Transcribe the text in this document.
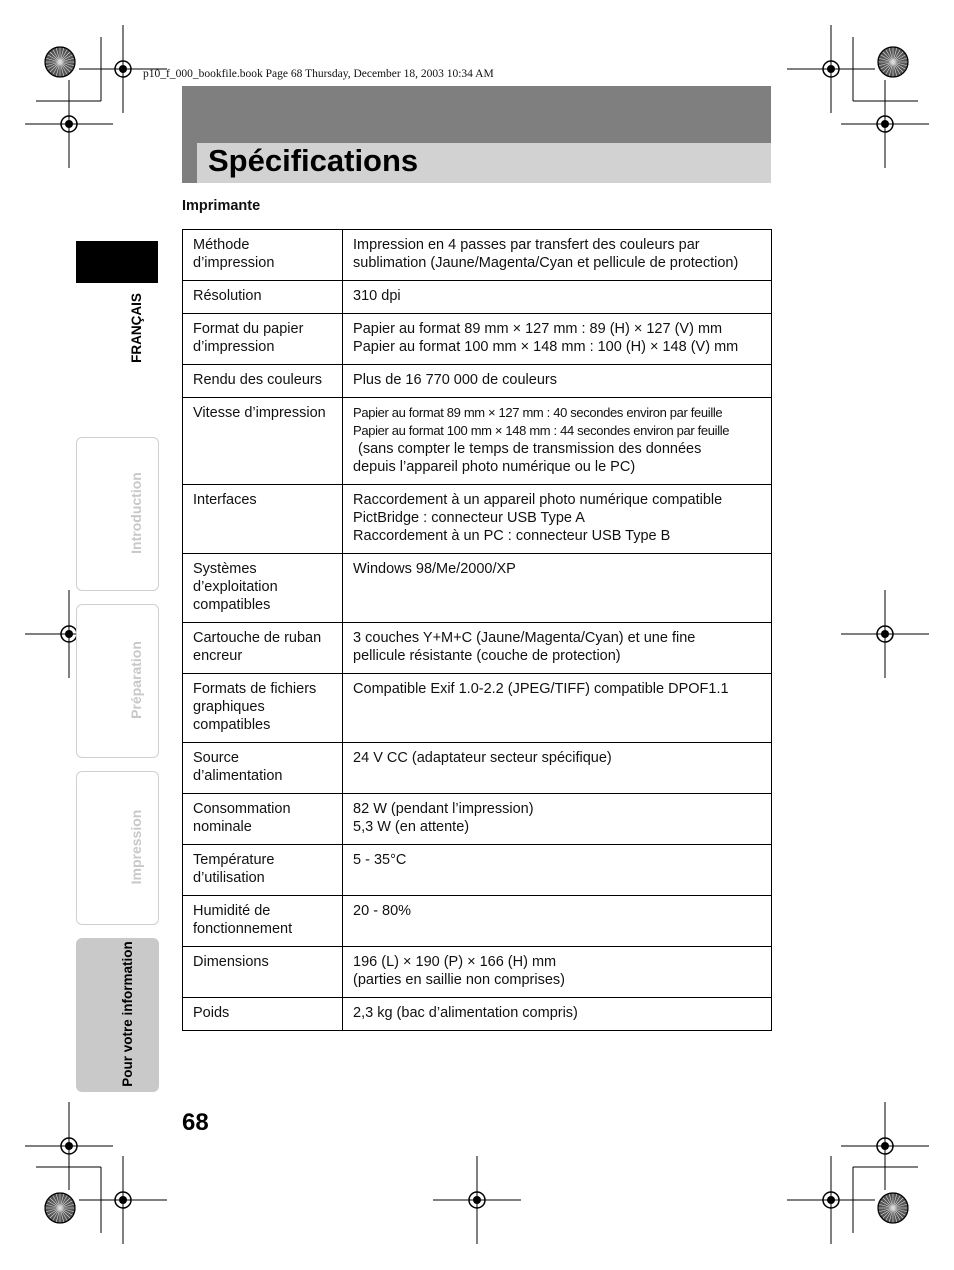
p10_f_000_bookfile.book Page 68 Thursday, December 18, 2003 10:34 AM
Spécifications
Imprimante
Méthode
d’impression	Impression en 4 passes par transfert des couleurs par
sublimation (Jaune/Magenta/Cyan et pellicule de protection)

Résolution	310 dpi

Format du papier
d’impression	Papier au format 89 mm × 127 mm : 89 (H) × 127 (V) mm
Papier au format 100 mm × 148 mm : 100 (H) × 148 (V) mm

Rendu des couleurs	Plus de 16 770 000 de couleurs

Vitesse d’impression	Papier au format 89 mm × 127 mm : 40 secondes environ par feuille
Papier au format 100 mm × 148 mm : 44 secondes environ par feuille
(sans compter le temps de transmission des données
depuis l’appareil photo numérique ou le PC)

Interfaces	Raccordement à un appareil photo numérique compatible
PictBridge : connecteur USB Type A
Raccordement à un PC : connecteur USB Type B

Systèmes
d’exploitation
compatibles	Windows 98/Me/2000/XP

Cartouche de ruban
encreur	3 couches Y+M+C (Jaune/Magenta/Cyan) et une fine
pellicule résistante (couche de protection)

Formats de fichiers
graphiques
compatibles	Compatible Exif 1.0-2.2 (JPEG/TIFF) compatible DPOF1.1

Source
d’alimentation	24 V CC (adaptateur secteur spécifique)

Consommation
nominale	82 W (pendant l’impression)
5,3 W (en attente)

Température
d’utilisation	5 - 35°C

Humidité de
fonctionnement	20 - 80%

Dimensions	196 (L) × 190 (P) × 166 (H) mm
(parties en saillie non comprises)

Poids	2,3 kg (bac d’alimentation compris)
FRANÇAIS
Introduction
Préparation
Impression
Pour votre information
68
